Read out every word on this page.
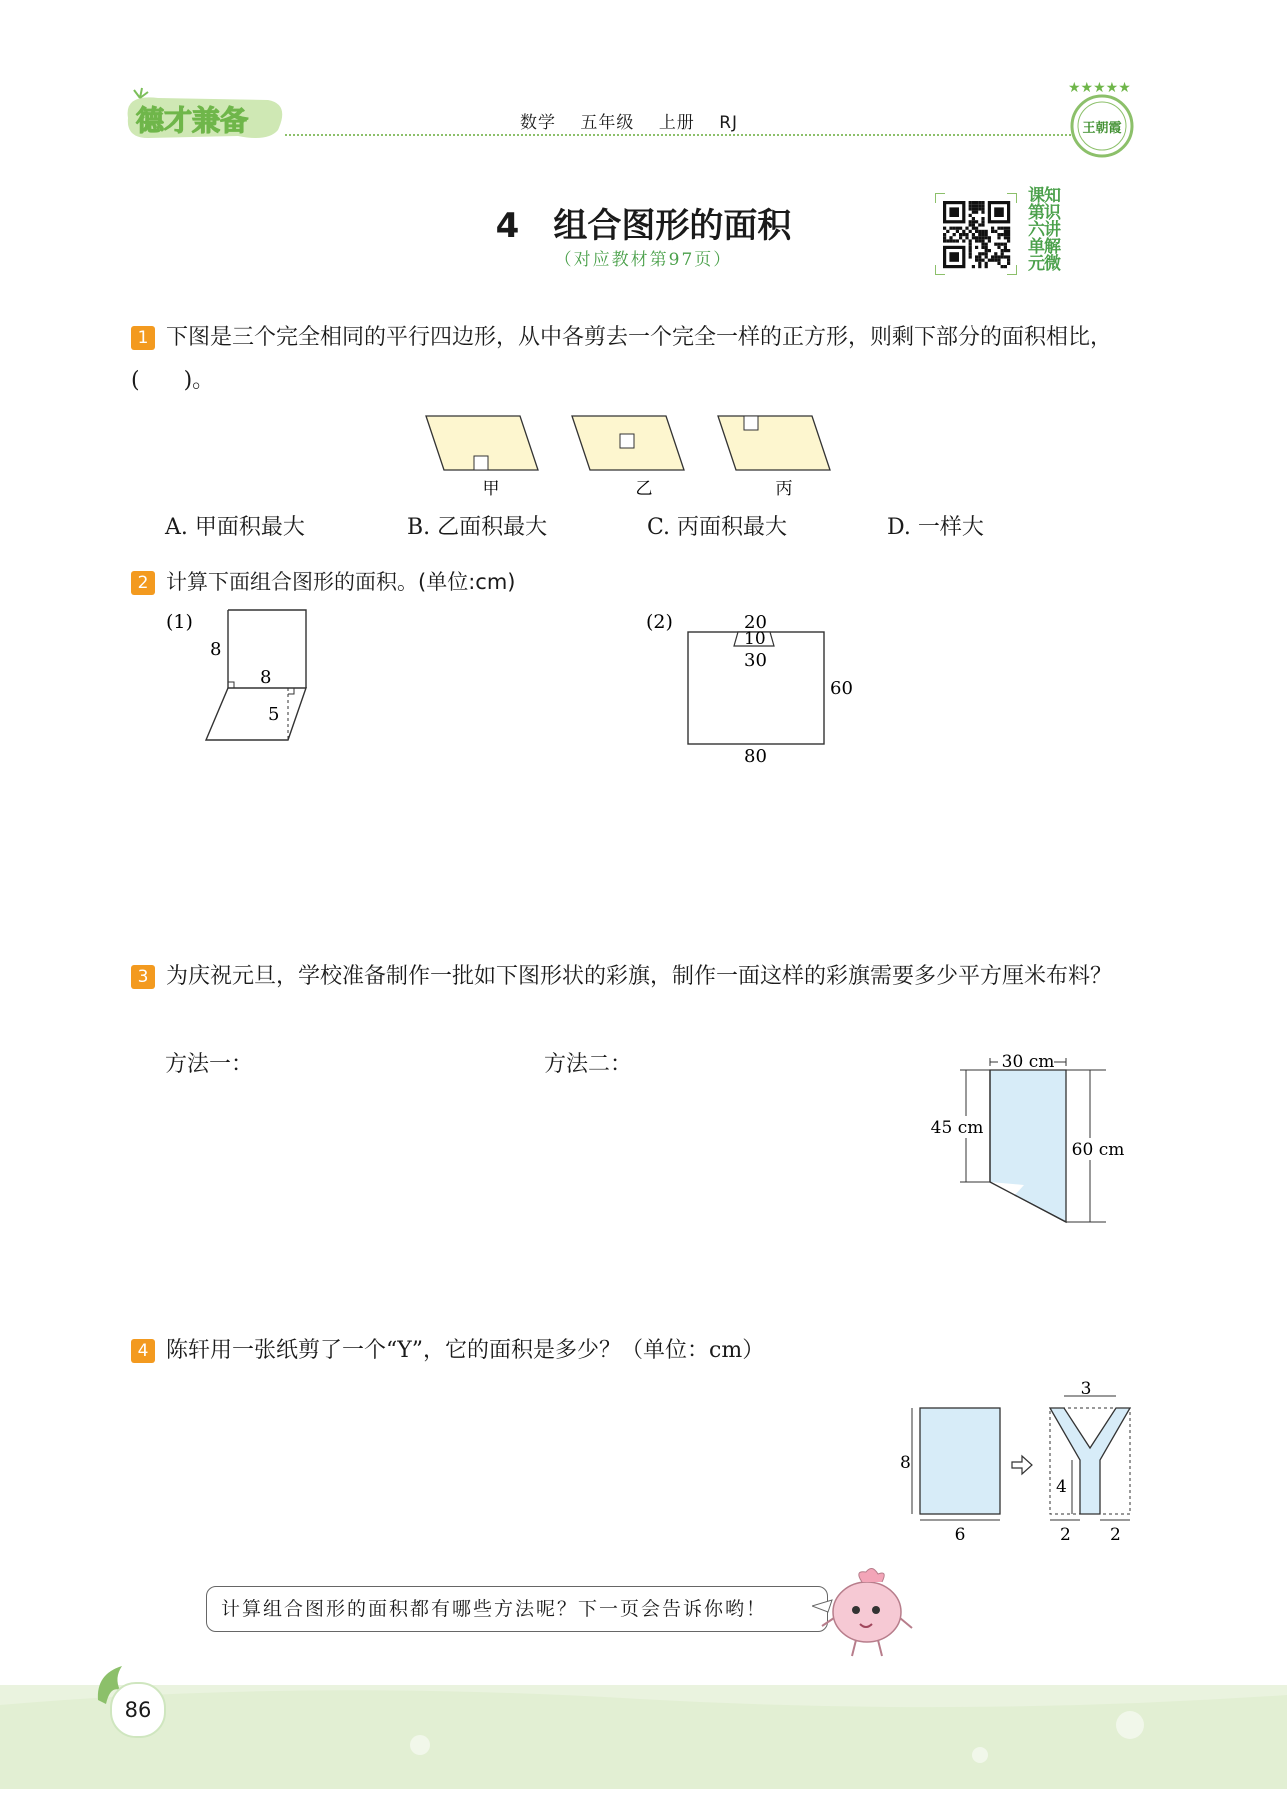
德才兼备	数学 五年级 上册 RJ
★★★★★
王朝霞
4 组合图形的面积
（对应教材第97页）	知识讲解微课第六单元
1 下图是三个完全相同的平行四边形，从中各剪去一个完全一样的正方形，则剩下部分的面积相比，(　　)。
甲	乙	丙
A. 甲面积最大	B. 乙面积最大	C. 丙面积最大	D. 一样大
2 计算下面组合图形的面积。(单位:cm)
(1)
8
8
5
(2)	20
10
30
60
80
3 为庆祝元旦，学校准备制作一批如下图形状的彩旗，制作一面这样的彩旗需要多少平方厘米布料？
方法一：	方法二：	30 cm
45 cm
60 cm
4 陈轩用一张纸剪了一个“Y”，它的面积是多少？（单位：cm）
8
6
3
4
2 2
计算组合图形的面积都有哪些方法呢？下一页会告诉你哟！
86
